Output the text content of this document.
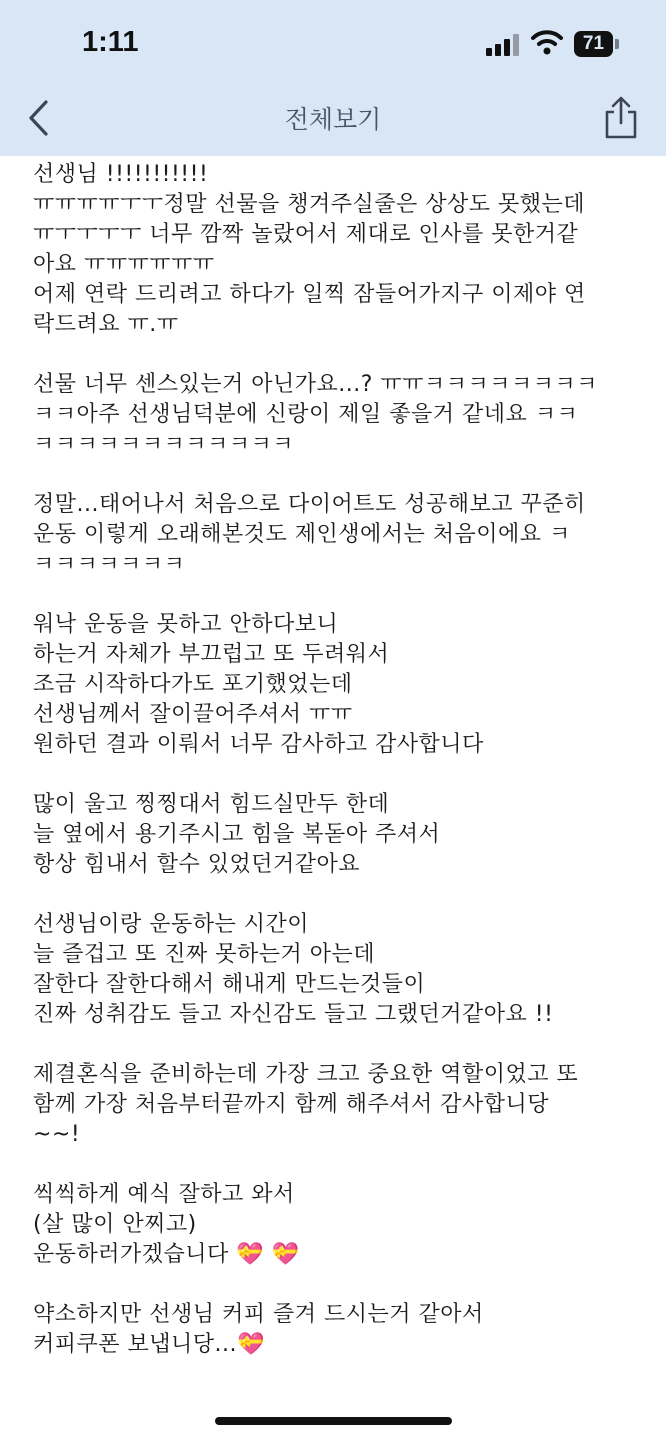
1:11	71
전체보기
선생님 !!!!!!!!!!!
ㅠㅠㅠㅠㅜㅜ정말 선물을 챙겨주실줄은 상상도 못했는데
ㅠㅜㅜㅜㅜ 너무 깜짝 놀랐어서 제대로 인사를 못한거같
아요 ㅠㅠㅠㅠㅠㅠ
어제 연락 드리려고 하다가 일찍 잠들어가지구 이제야 연
락드려요 ㅠ.ㅠ
선물 너무 센스있는거 아닌가요...? ㅠㅠㅋㅋㅋㅋㅋㅋㅋㅋ
ㅋㅋ아주 선생님덕분에 신랑이 제일 좋을거 같네요 ㅋㅋ
ㅋㅋㅋㅋㅋㅋㅋㅋㅋㅋㅋㅋ
정말...태어나서 처음으로 다이어트도 성공해보고 꾸준히
운동 이렇게 오래해본것도 제인생에서는 처음이에요 ㅋ
ㅋㅋㅋㅋㅋㅋㅋ
워낙 운동을 못하고 안하다보니
하는거 자체가 부끄럽고 또 두려워서
조금 시작하다가도 포기했었는데
선생님께서 잘이끌어주셔서 ㅠㅠ
원하던 결과 이뤄서 너무 감사하고 감사합니다
많이 울고 찡찡대서 힘드실만두 한데
늘 옆에서 용기주시고 힘을 복돋아 주셔서
항상 힘내서 할수 있었던거같아요
선생님이랑 운동하는 시간이
늘 즐겁고 또 진짜 못하는거 아는데
잘한다 잘한다해서 해내게 만드는것들이
진짜 성취감도 들고 자신감도 들고 그랬던거같아요 !!
제결혼식을 준비하는데 가장 크고 중요한 역할이었고 또
함께 가장 처음부터끝까지 함께 해주셔서 감사합니당
~~!
씩씩하게 예식 잘하고 와서
(살 많이 안찌고)
운동하러가겠습니다 💝 💝
약소하지만 선생님 커피 즐겨 드시는거 같아서
커피쿠폰 보냅니당...💝
